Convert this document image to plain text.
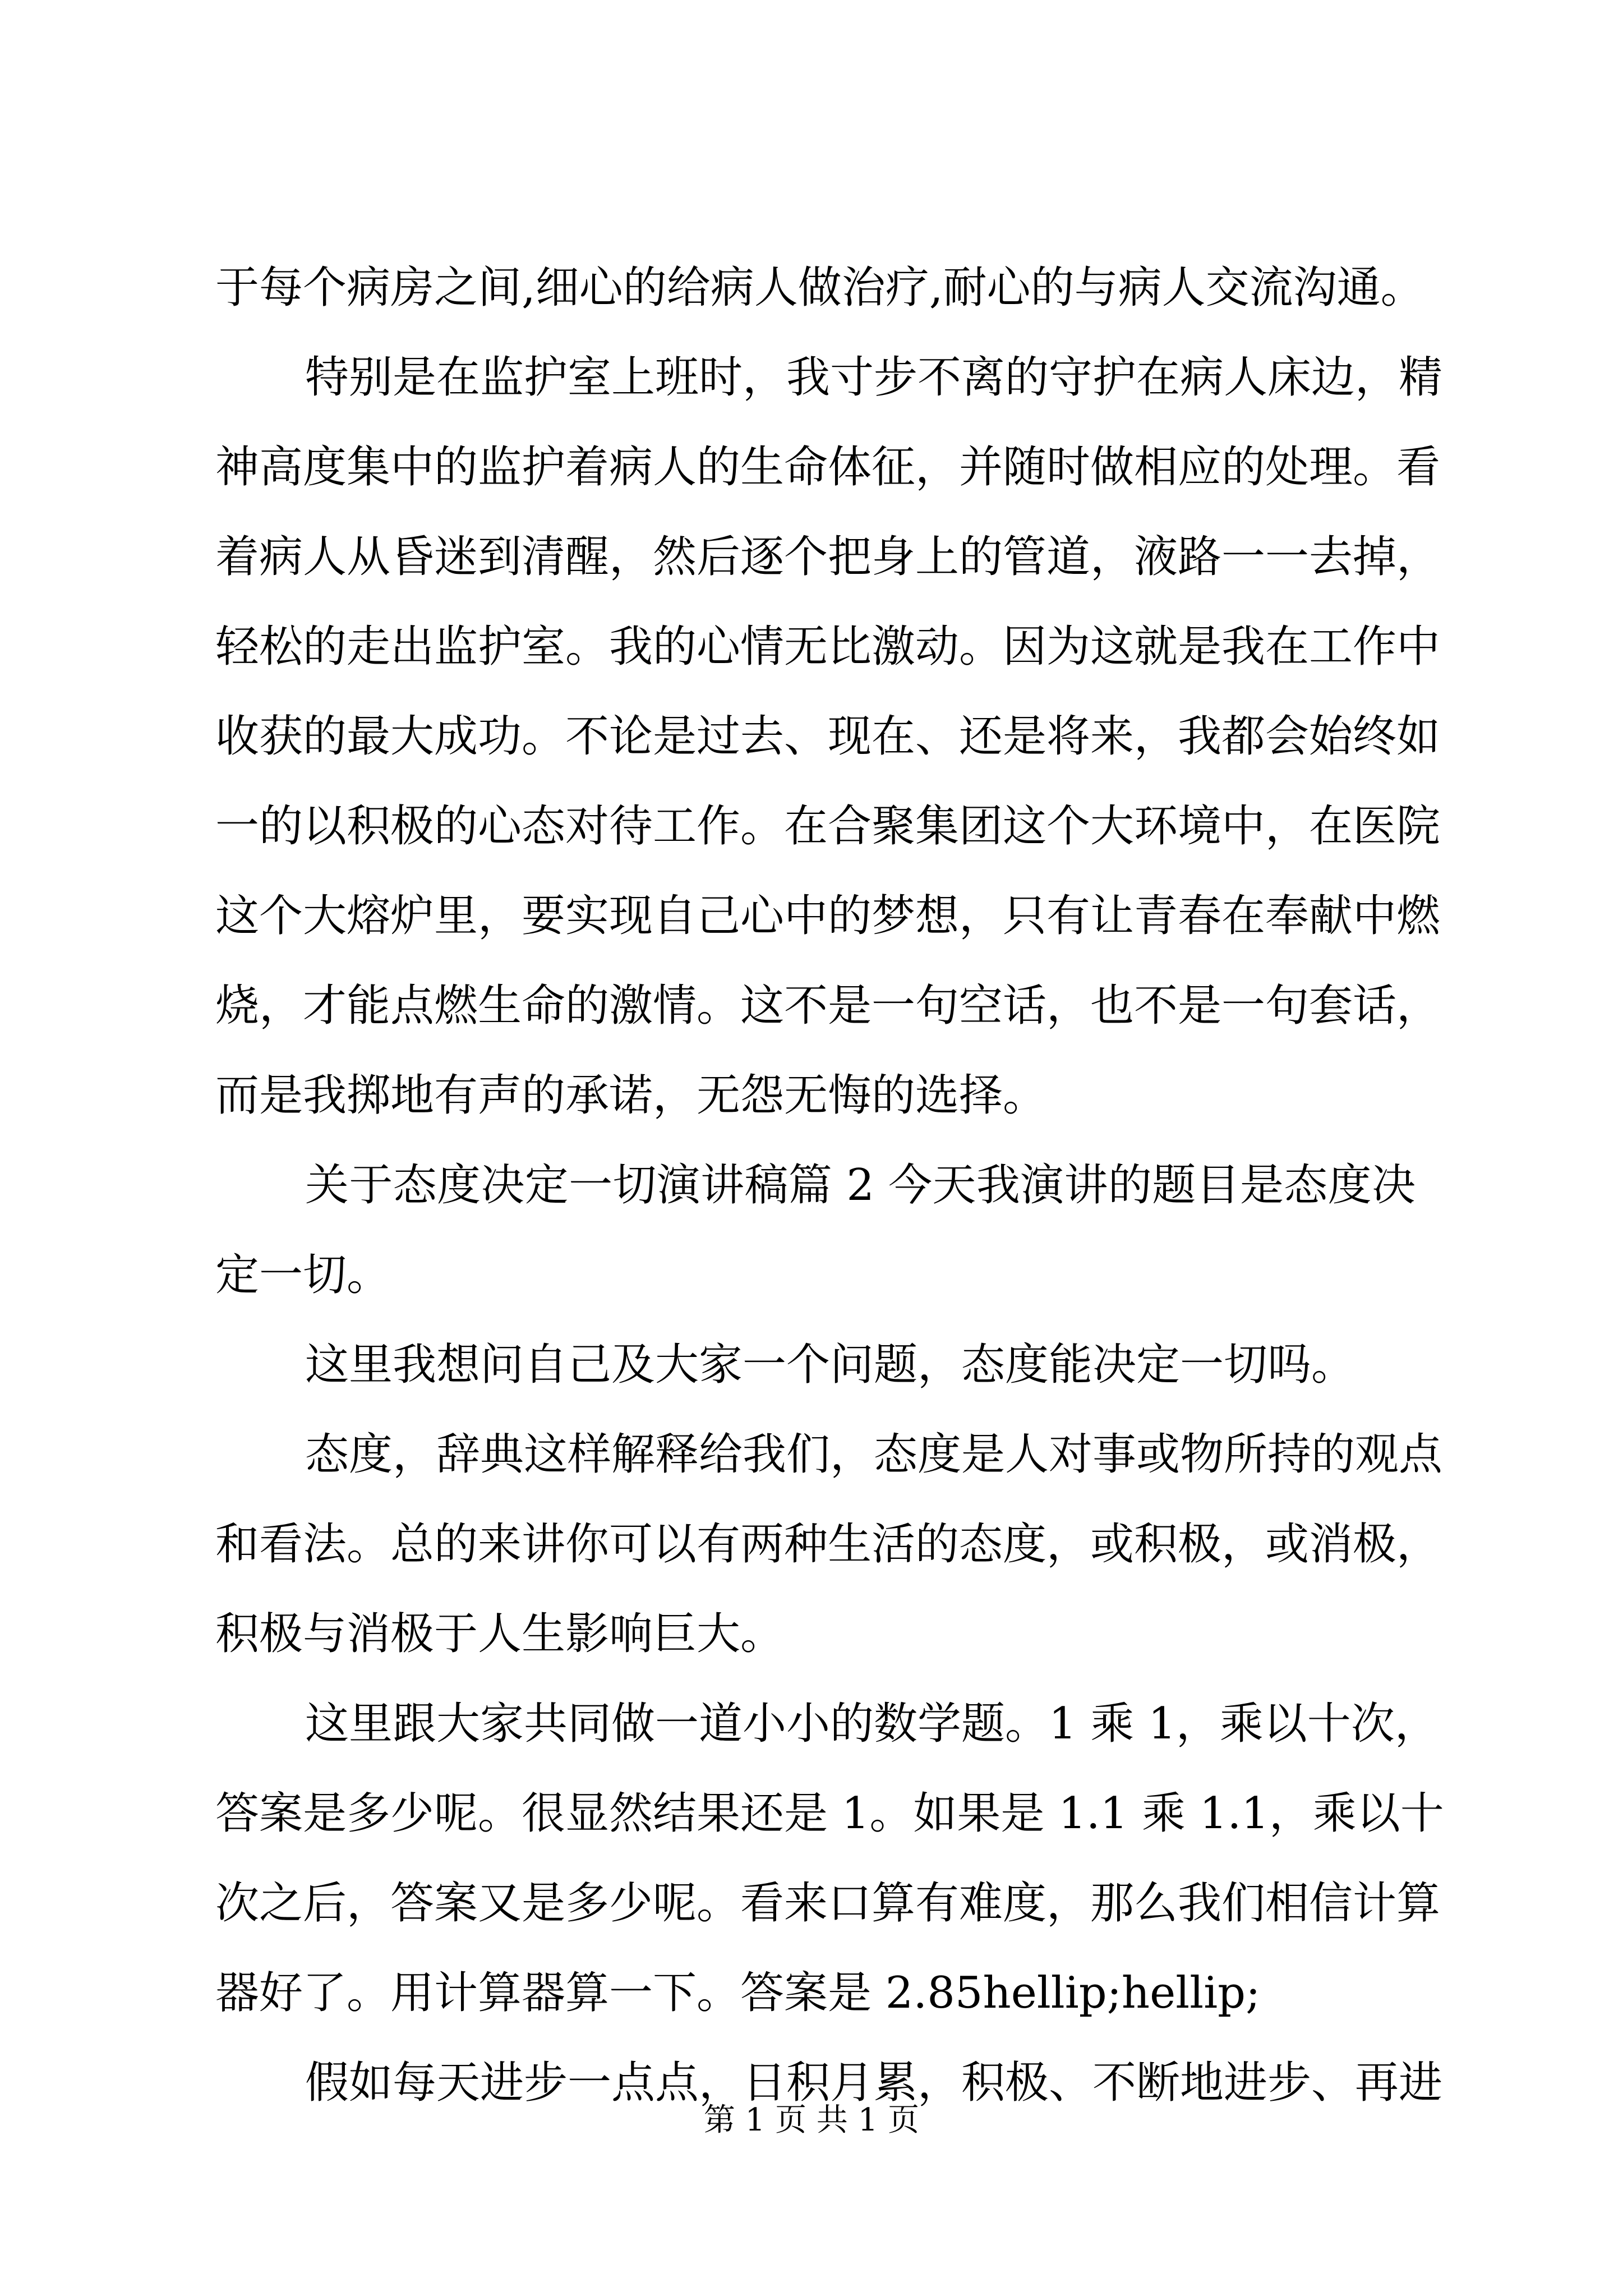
于每个病房之间,细心的给病人做治疗,耐心的与病人交流沟通。
特别是在监护室上班时，我寸步不离的守护在病人床边，精
神高度集中的监护着病人的生命体征，并随时做相应的处理。看
着病人从昏迷到清醒，然后逐个把身上的管道，液路一一去掉，
轻松的走出监护室。我的心情无比激动。因为这就是我在工作中
收获的最大成功。不论是过去、现在、还是将来，我都会始终如
一的以积极的心态对待工作。在合聚集团这个大环境中，在医院
这个大熔炉里，要实现自己心中的梦想，只有让青春在奉献中燃
烧，才能点燃生命的激情。这不是一句空话，也不是一句套话，
而是我掷地有声的承诺，无怨无悔的选择。
关于态度决定一切演讲稿篇 2 今天我演讲的题目是态度决
定一切。
这里我想问自己及大家一个问题，态度能决定一切吗。
态度，辞典这样解释给我们，态度是人对事或物所持的观点
和看法。总的来讲你可以有两种生活的态度，或积极，或消极，
积极与消极于人生影响巨大。
这里跟大家共同做一道小小的数学题。1 乘 1，乘以十次，
答案是多少呢。很显然结果还是 1。如果是 1.1 乘 1.1，乘以十
次之后，答案又是多少呢。看来口算有难度，那么我们相信计算
器好了。用计算器算一下。答案是 2.85hellip;hellip;
假如每天进步一点点，日积月累，积极、不断地进步、再进
第 1 页 共 1 页
